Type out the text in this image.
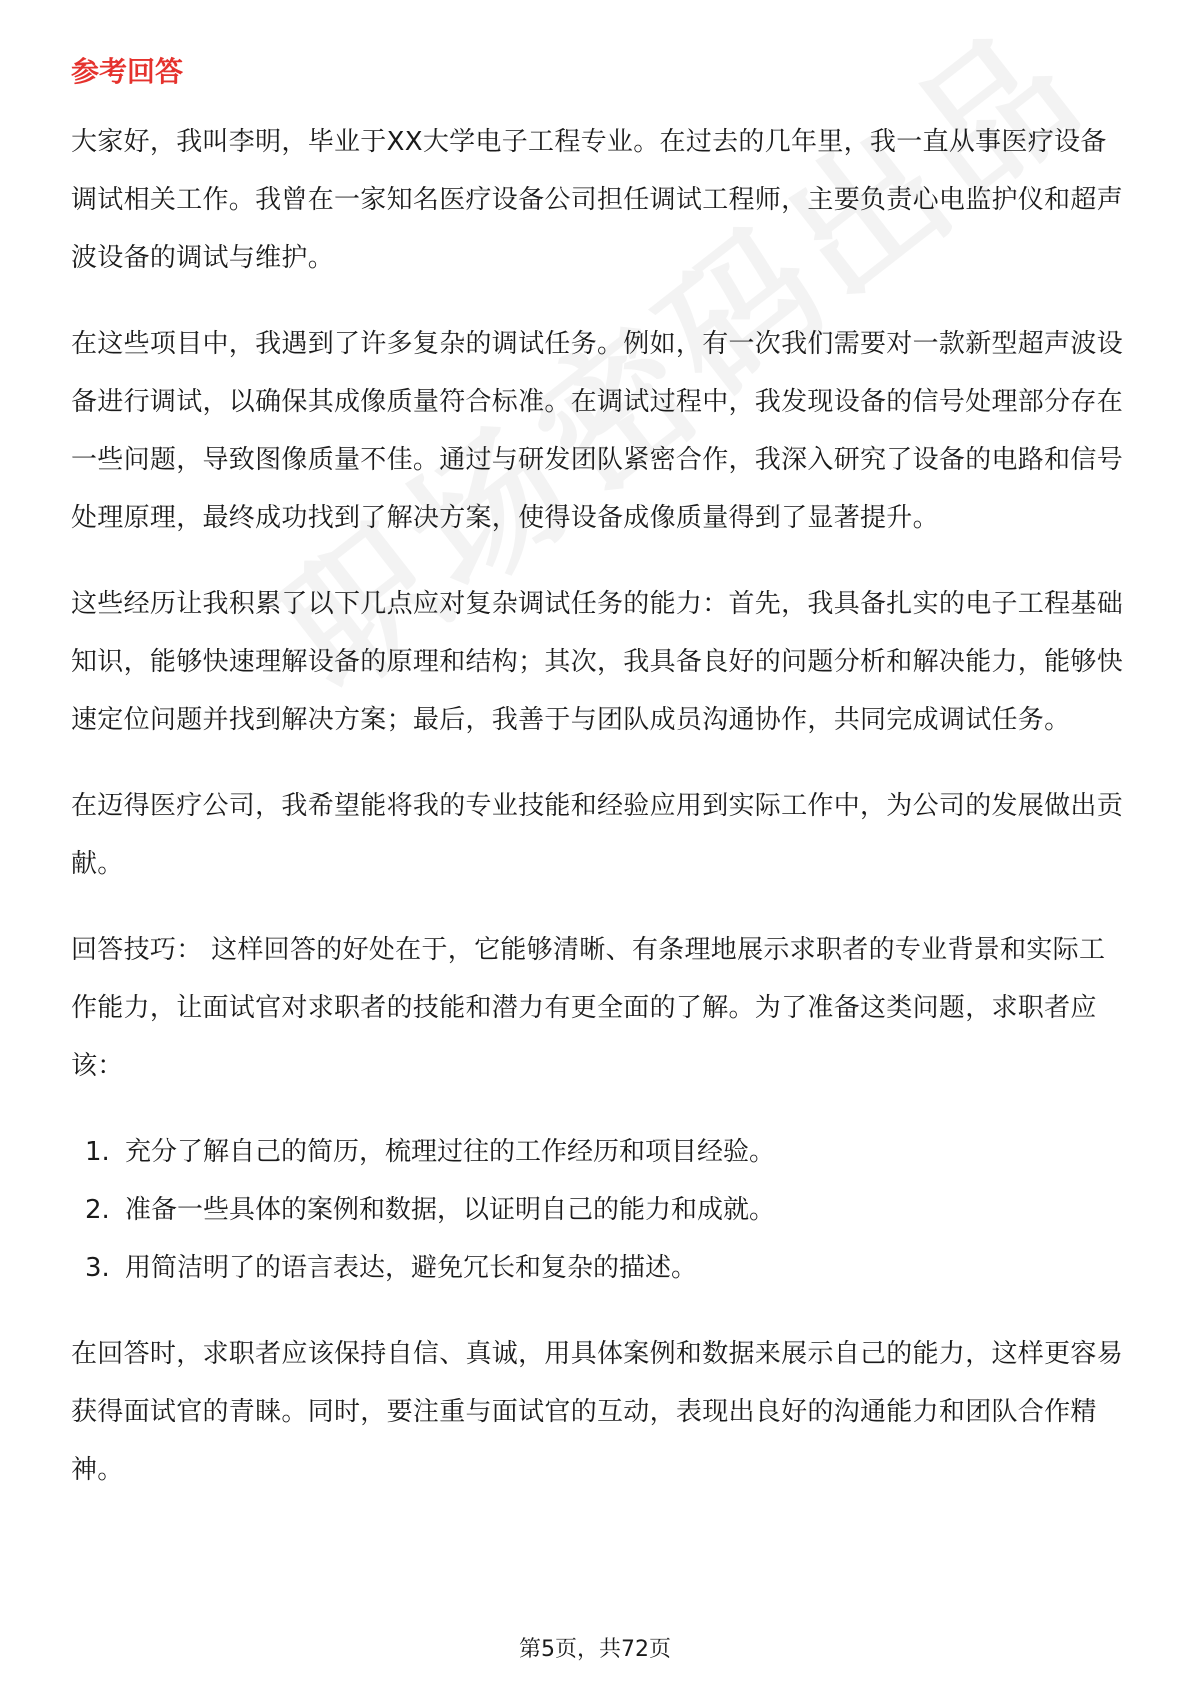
参考回答

大家好，我叫李明，毕业于XX大学电子工程专业。在过去的几年里，我一直从事医疗设备调试相关工作。我曾在一家知名医疗设备公司担任调试工程师，主要负责心电监护仪和超声波设备的调试与维护。

在这些项目中，我遇到了许多复杂的调试任务。例如，有一次我们需要对一款新型超声波设备进行调试，以确保其成像质量符合标准。在调试过程中，我发现设备的信号处理部分存在一些问题，导致图像质量不佳。通过与研发团队紧密合作，我深入研究了设备的电路和信号处理原理，最终成功找到了解决方案，使得设备成像质量得到了显著提升。

这些经历让我积累了以下几点应对复杂调试任务的能力：首先，我具备扎实的电子工程基础知识，能够快速理解设备的原理和结构；其次，我具备良好的问题分析和解决能力，能够快速定位问题并找到解决方案；最后，我善于与团队成员沟通协作，共同完成调试任务。

在迈得医疗公司，我希望能将我的专业技能和经验应用到实际工作中，为公司的发展做出贡献。

回答技巧： 这样回答的好处在于，它能够清晰、有条理地展示求职者的专业背景和实际工作能力，让面试官对求职者的技能和潜力有更全面的了解。为了准备这类问题，求职者应该：

1. 充分了解自己的简历，梳理过往的工作经历和项目经验。
2. 准备一些具体的案例和数据，以证明自己的能力和成就。
3. 用简洁明了的语言表达，避免冗长和复杂的描述。

在回答时，求职者应该保持自信、真诚，用具体案例和数据来展示自己的能力，这样更容易获得面试官的青睐。同时，要注重与面试官的互动，表现出良好的沟通能力和团队合作精神。

第5页，共72页
